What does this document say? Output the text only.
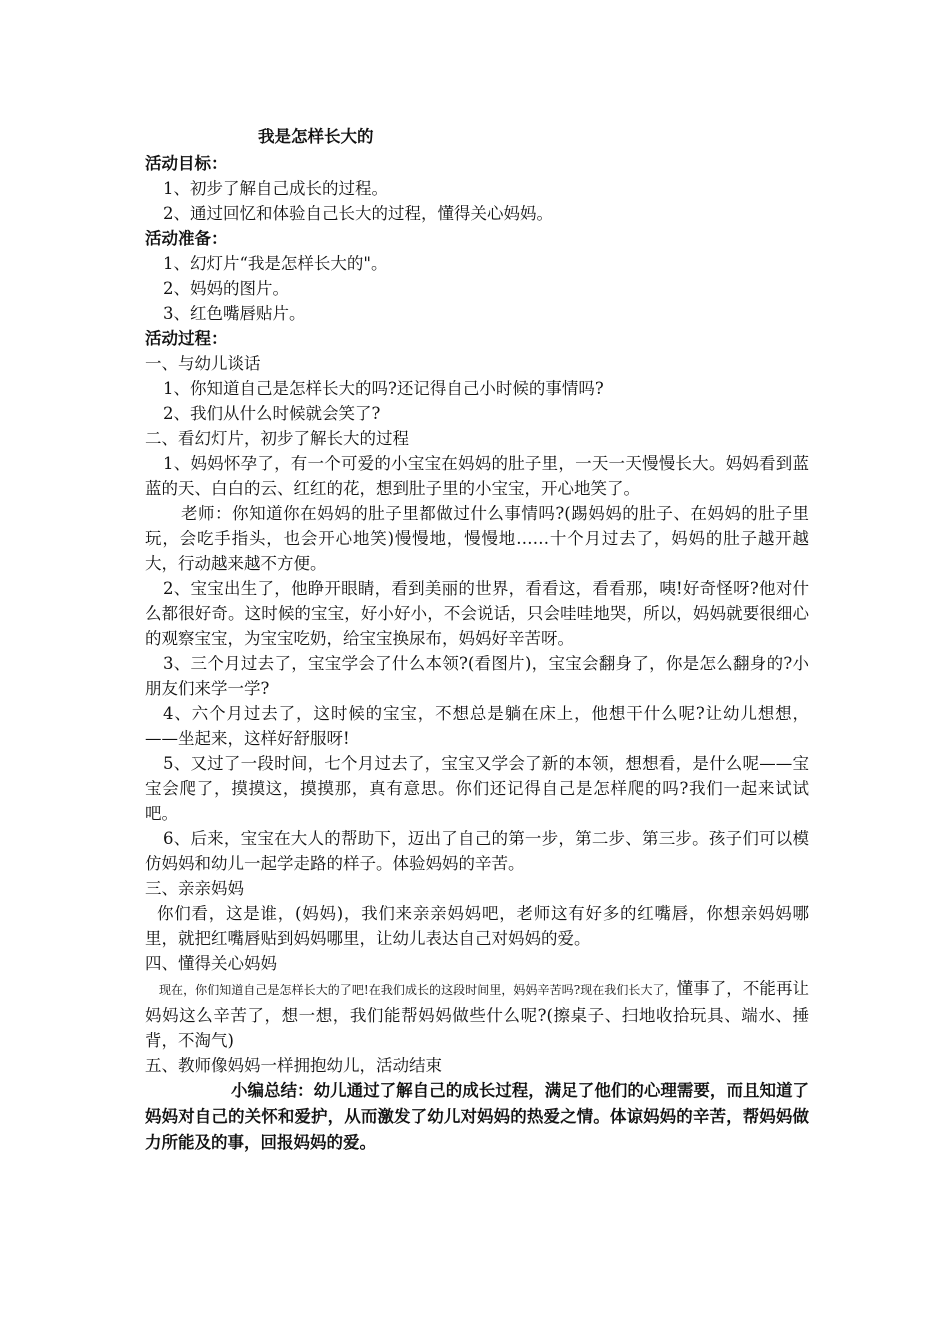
我是怎样长大的

活动目标：

1、初步了解自己成长的过程。

2、通过回忆和体验自己长大的过程，懂得关心妈妈。

活动准备：

1、幻灯片“我是怎样长大的"。

2、妈妈的图片。

3、红色嘴唇贴片。

活动过程：

一、与幼儿谈话

1、你知道自己是怎样长大的吗?还记得自己小时候的事情吗?

2、我们从什么时候就会笑了?

二、看幻灯片，初步了解长大的过程

1、妈妈怀孕了，有一个可爱的小宝宝在妈妈的肚子里，一天一天慢慢长大。妈妈看到蓝蓝的天、白白的云、红红的花，想到肚子里的小宝宝，开心地笑了。

老师：你知道你在妈妈的肚子里都做过什么事情吗?(踢妈妈的肚子、在妈妈的肚子里玩，会吃手指头，也会开心地笑)慢慢地，慢慢地……十个月过去了，妈妈的肚子越开越大，行动越来越不方便。

2、宝宝出生了，他睁开眼睛，看到美丽的世界，看看这，看看那，咦!好奇怪呀?他对什么都很好奇。这时候的宝宝，好小好小，不会说话，只会哇哇地哭，所以，妈妈就要很细心的观察宝宝，为宝宝吃奶，给宝宝换尿布，妈妈好辛苦呀。

3、三个月过去了，宝宝学会了什么本领?(看图片)，宝宝会翻身了，你是怎么翻身的?小朋友们来学一学?

4、六个月过去了，这时候的宝宝，不想总是躺在床上，他想干什么呢?让幼儿想想，——坐起来，这样好舒服呀!

5、又过了一段时间，七个月过去了，宝宝又学会了新的本领，想想看，是什么呢——宝宝会爬了，摸摸这，摸摸那，真有意思。你们还记得自己是怎样爬的吗?我们一起来试试吧。

6、后来，宝宝在大人的帮助下，迈出了自己的第一步，第二步、第三步。孩子们可以模仿妈妈和幼儿一起学走路的样子。体验妈妈的辛苦。

三、亲亲妈妈

你们看，这是谁，(妈妈)，我们来亲亲妈妈吧，老师这有好多的红嘴唇，你想亲妈妈哪里，就把红嘴唇贴到妈妈哪里，让幼儿表达自己对妈妈的爱。

四、懂得关心妈妈

现在，你们知道自己是怎样长大的了吧!在我们成长的这段时间里，妈妈辛苦吗?现在我们长大了，懂事了，不能再让妈妈这么辛苦了，想一想，我们能帮妈妈做些什么呢?(擦桌子、扫地收拾玩具、端水、捶背，不淘气)

五、教师像妈妈一样拥抱幼儿，活动结束

小编总结：幼儿通过了解自己的成长过程，满足了他们的心理需要，而且知道了妈妈对自己的关怀和爱护，从而激发了幼儿对妈妈的热爱之情。体谅妈妈的辛苦，帮妈妈做力所能及的事，回报妈妈的爱。
